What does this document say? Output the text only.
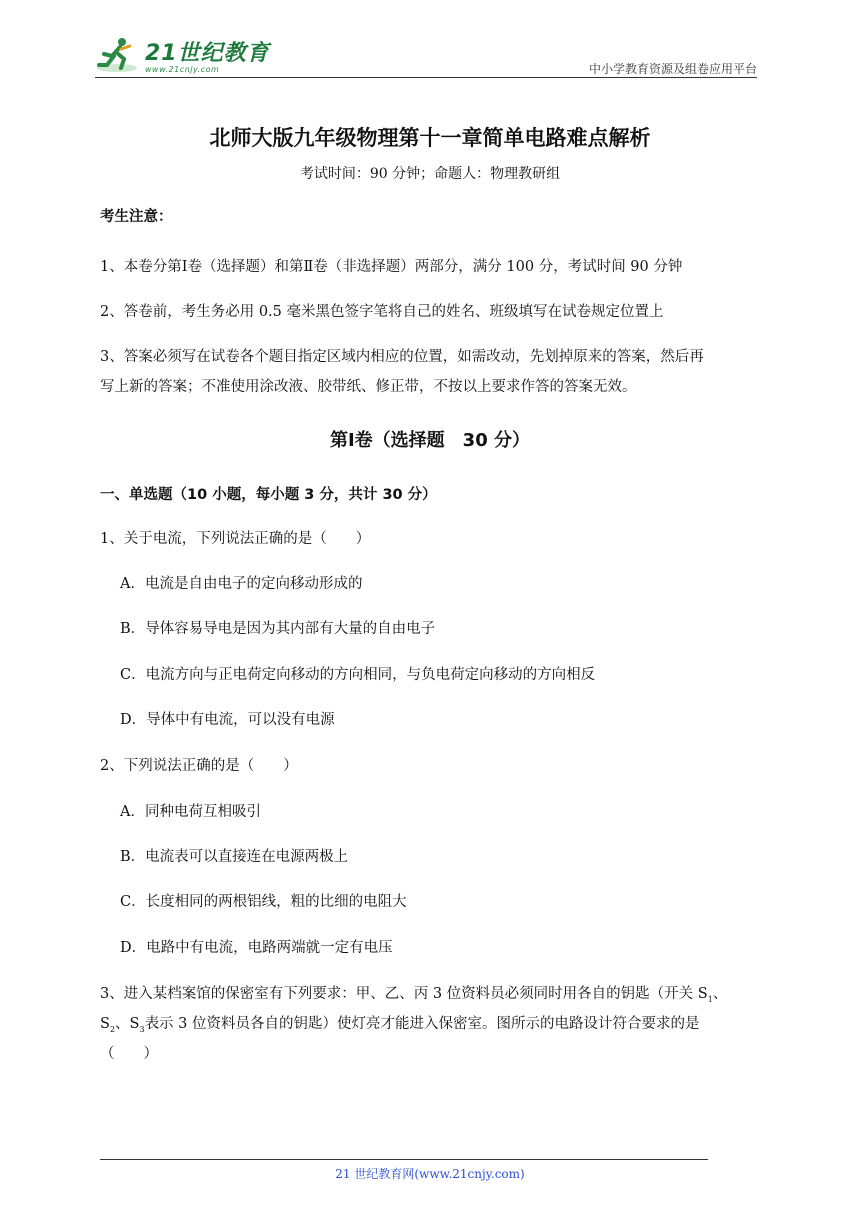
21世纪教育
www.21cnjy.com	中小学教育资源及组卷应用平台
北师大版九年级物理第十一章简单电路难点解析
考试时间：90 分钟；命题人：物理教研组
考生注意：
1、本卷分第Ⅰ卷（选择题）和第Ⅱ卷（非选择题）两部分，满分 100 分，考试时间 90 分钟
2、答卷前，考生务必用 0.5 毫米黑色签字笔将自己的姓名、班级填写在试卷规定位置上
3、答案必须写在试卷各个题目指定区域内相应的位置，如需改动，先划掉原来的答案，然后再
写上新的答案；不准使用涂改液、胶带纸、修正带，不按以上要求作答的答案无效。
第Ⅰ卷（选择题　30 分）
一、单选题（10 小题，每小题 3 分，共计 30 分）
1、关于电流，下列说法正确的是（　　）
A．电流是自由电子的定向移动形成的
B．导体容易导电是因为其内部有大量的自由电子
C．电流方向与正电荷定向移动的方向相同，与负电荷定向移动的方向相反
D．导体中有电流，可以没有电源
2、下列说法正确的是（　　）
A．同种电荷互相吸引
B．电流表可以直接连在电源两极上
C．长度相同的两根铝线，粗的比细的电阻大
D．电路中有电流，电路两端就一定有电压
3、进入某档案馆的保密室有下列要求：甲、乙、丙 3 位资料员必须同时用各自的钥匙（开关 $S_1$、
$S_2$、$S_3$表示 3 位资料员各自的钥匙）使灯亮才能进入保密室。图所示的电路设计符合要求的是
（　　）
21 世纪教育网(www.21cnjy.com)
